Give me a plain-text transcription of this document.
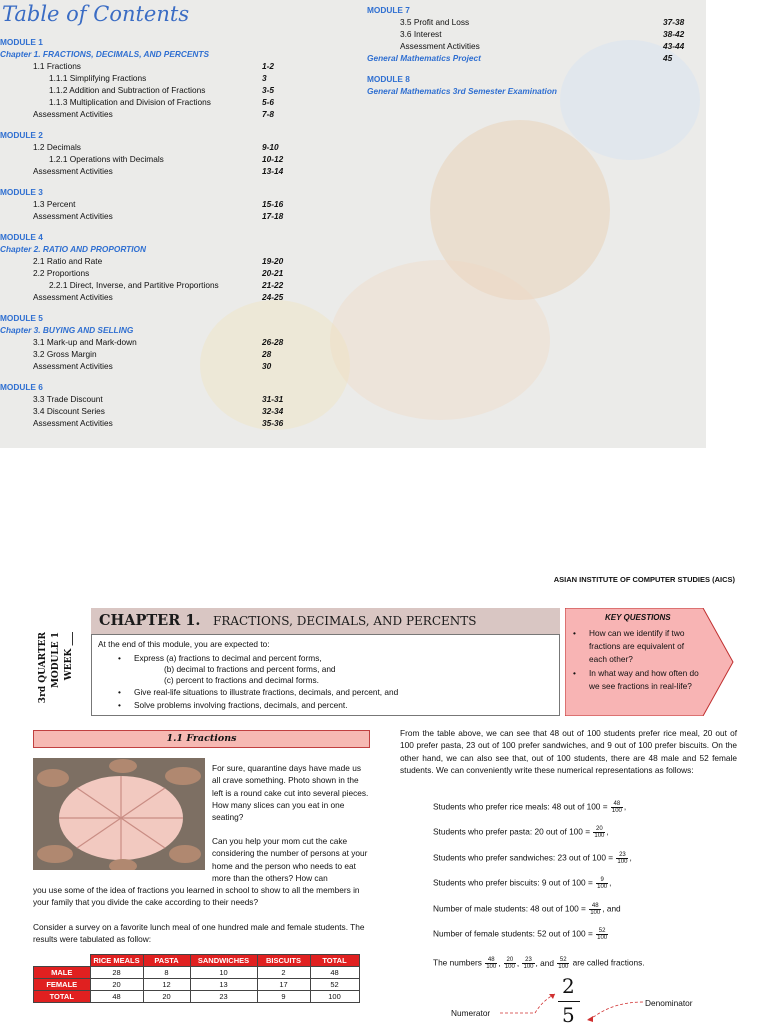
Table of Contents
MODULE 1
Chapter 1. FRACTIONS, DECIMALS, AND PERCENTS
1.1 Fractions	1-2
1.1.1 Simplifying Fractions	3
1.1.2 Addition and Subtraction of Fractions	3-5
1.1.3 Multiplication and Division of Fractions	5-6
Assessment Activities	7-8
MODULE 2
1.2 Decimals	9-10
1.2.1 Operations with Decimals	10-12
Assessment Activities	13-14
MODULE 3
1.3 Percent	15-16
Assessment Activities	17-18
MODULE 4
Chapter 2. RATIO AND PROPORTION
2.1 Ratio and Rate	19-20
2.2 Proportions	20-21
2.2.1 Direct, Inverse, and Partitive Proportions	21-22
Assessment Activities	24-25
MODULE 5
Chapter 3. BUYING AND SELLING
3.1 Mark-up and Mark-down	26-28
3.2 Gross Margin	28
Assessment Activities	30
MODULE 6
3.3 Trade Discount	31-31
3.4 Discount Series	32-34
Assessment Activities	35-36
MODULE 7
3.5 Profit and Loss	37-38
3.6 Interest	38-42
Assessment Activities	43-44
General Mathematics Project	45
MODULE 8
General Mathematics 3rd Semester Examination
ASIAN INSTITUTE OF COMPUTER STUDIES (AICS)
3rd QUARTER MODULE 1 WEEK ___
CHAPTER 1. FRACTIONS, DECIMALS, AND PERCENTS
At the end of this module, you are expected to:
• Express (a) fractions to decimal and percent forms,
(b) decimal to fractions and percent forms, and
(c) percent to fractions and decimal forms.
• Give real-life situations to illustrate fractions, decimals, and percent, and
• Solve problems involving fractions, decimals, and percent.
KEY QUESTIONS
• How can we identify if two fractions are equivalent of each other?
• In what way and how often do we see fractions in real-life?
1.1 Fractions
For sure, quarantine days have made us all crave something. Photo shown in the left is a round cake cut into several pieces. How many slices can you eat in one seating?
Can you help your mom cut the cake considering the number of persons at your home and the person who needs to eat more than the others? How can
you use some of the idea of fractions you learned in school to show to all the members in your family that you divide the cake according to their needs?
Consider a survey on a favorite lunch meal of one hundred male and female students. The results were tabulated as follow:
	RICE MEALS	PASTA	SANDWICHES	BISCUITS	TOTAL
MALE	28	8	10	2	48
FEMALE	20	12	13	17	52
TOTAL	48	20	23	9	100
From the table above, we can see that 48 out of 100 students prefer rice meal, 20 out of 100 prefer pasta, 23 out of 100 prefer sandwiches, and 9 out of 100 prefer biscuits. On the other hand, we can also see that, out of 100 students, there are 48 male and 52 female students. We can conveniently write these numerical representations as follows:
Students who prefer rice meals: 48 out of $100 = \frac{48}{100}$ ,
Students who prefer pasta: 20 out of $100 = \frac{20}{100}$ ,
Students who prefer sandwiches: 23 out of $100 = \frac{23}{100}$ ,
Students who prefer biscuits: 9 out of $100 = \frac{9}{100}$ ,
Number of male students: 48 out of $100 = \frac{48}{100}$ , and
Number of female students: 52 out of $100 = \frac{52}{100}$
The numbers $\frac{48}{100}$ , $\frac{20}{100}$ , $\frac{23}{100}$ , and $\frac{52}{100}$ are called fractions.
Numerator
Denominator
2
5
